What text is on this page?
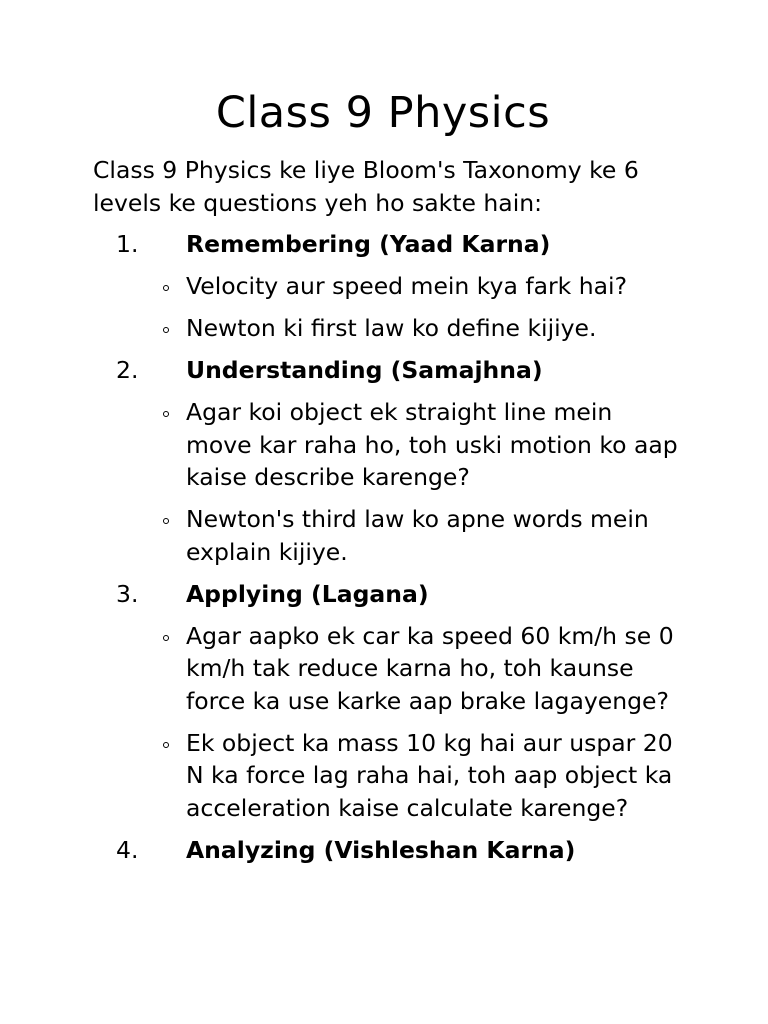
Class 9 Physics

Class 9 Physics ke liye Bloom's Taxonomy ke 6 levels ke questions yeh ho sakte hain:

1. Remembering (Yaad Karna)
Velocity aur speed mein kya fark hai?
Newton ki first law ko define kijiye.
2. Understanding (Samajhna)
Agar koi object ek straight line mein move kar raha ho, toh uski motion ko aap kaise describe karenge?
Newton's third law ko apne words mein explain kijiye.
3. Applying (Lagana)
Agar aapko ek car ka speed 60 km/h se 0 km/h tak reduce karna ho, toh kaunse force ka use karke aap brake lagayenge?
Ek object ka mass 10 kg hai aur uspar 20 N ka force lag raha hai, toh aap object ka acceleration kaise calculate karenge?
4. Analyzing (Vishleshan Karna)
